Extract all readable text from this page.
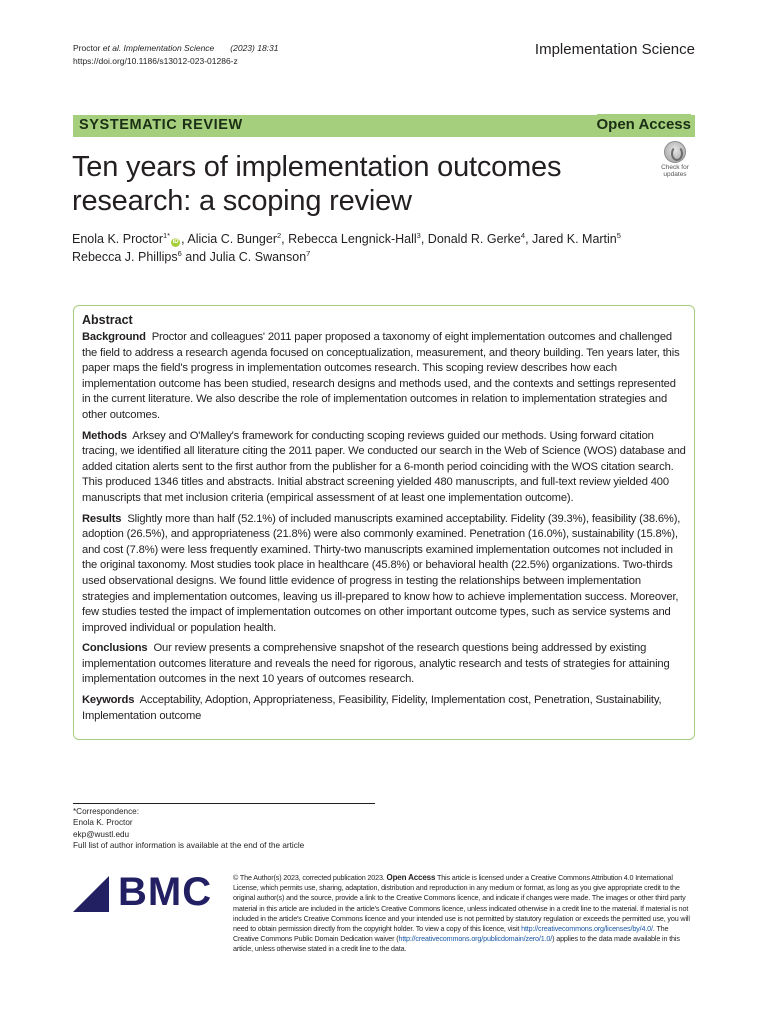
Proctor et al. Implementation Science (2023) 18:31
https://doi.org/10.1186/s13012-023-01286-z
Implementation Science
SYSTEMATIC REVIEW	Open Access
Ten years of implementation outcomes research: a scoping review
Check for
updates
Enola K. Proctor$^{1*}$iD , Alicia C. Bunger$^2$, Rebecca Lengnick-Hall$^3$, Donald R. Gerke$^4$, Jared K. Martin$^5$
Rebecca J. Phillips$^6$ and Julia C. Swanson$^7$
Abstract

Background Proctor and colleagues' 2011 paper proposed a taxonomy of eight implementation outcomes and challenged the field to address a research agenda focused on conceptualization, measurement, and theory building. Ten years later, this paper maps the field's progress in implementation outcomes research. This scoping review describes how each implementation outcome has been studied, research designs and methods used, and the contexts and settings represented in the current literature. We also describe the role of implementation outcomes in relation to implementation strategies and other outcomes.

Methods Arksey and O'Malley's framework for conducting scoping reviews guided our methods. Using forward citation tracing, we identified all literature citing the 2011 paper. We conducted our search in the Web of Science (WOS) database and added citation alerts sent to the first author from the publisher for a 6-month period coinciding with the WOS citation search. This produced 1346 titles and abstracts. Initial abstract screening yielded 480 manuscripts, and full-text review yielded 400 manuscripts that met inclusion criteria (empirical assessment of at least one implementation outcome).

Results Slightly more than half (52.1%) of included manuscripts examined acceptability. Fidelity (39.3%), feasibility (38.6%), adoption (26.5%), and appropriateness (21.8%) were also commonly examined. Penetration (16.0%), sustainability (15.8%), and cost (7.8%) were less frequently examined. Thirty-two manuscripts examined implementation outcomes not included in the original taxonomy. Most studies took place in healthcare (45.8%) or behavioral health (22.5%) organizations. Two-thirds used observational designs. We found little evidence of progress in testing the relationships between implementation strategies and implementation outcomes, leaving us ill-prepared to know how to achieve implementation success. Moreover, few studies tested the impact of implementation outcomes on other important outcome types, such as service systems and improved individual or population health.

Conclusions Our review presents a comprehensive snapshot of the research questions being addressed by existing implementation outcomes literature and reveals the need for rigorous, analytic research and tests of strategies for attaining implementation outcomes in the next 10 years of outcomes research.

Keywords Acceptability, Adoption, Appropriateness, Feasibility, Fidelity, Implementation cost, Penetration, Sustainability, Implementation outcome

*Correspondence:
Enola K. Proctor
ekp@wustl.edu
Full list of author information is available at the end of the article
BMC	© The Author(s) 2023, corrected publication 2023. Open Access This article is licensed under a Creative Commons Attribution 4.0 International License, which permits use, sharing, adaptation, distribution and reproduction in any medium or format, as long as you give appropriate credit to the original author(s) and the source, provide a link to the Creative Commons licence, and indicate if changes were made. The images or other third party material in this article are included in the article's Creative Commons licence, unless indicated otherwise in a credit line to the material. If material is not included in the article's Creative Commons licence and your intended use is not permitted by statutory regulation or exceeds the permitted use, you will need to obtain permission directly from the copyright holder. To view a copy of this licence, visit http://creativecommons.org/licenses/by/4.0/. The Creative Commons Public Domain Dedication waiver (http://creativecommons.org/publicdomain/zero/1.0/) applies to the data made available in this article, unless otherwise stated in a credit line to the data.
